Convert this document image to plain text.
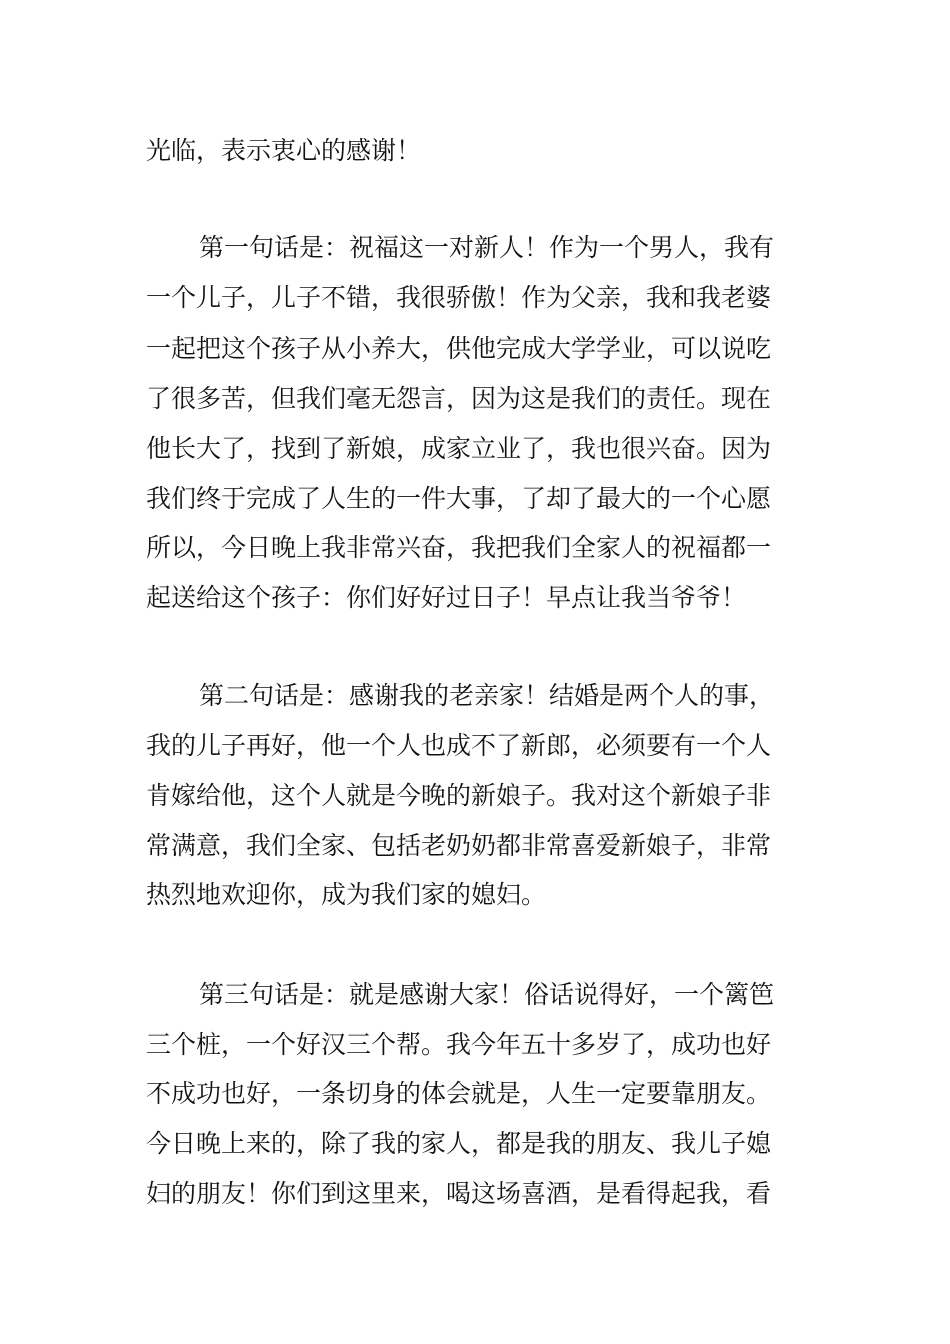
光临，表示衷心的感谢！

第一句话是：祝福这一对新人！作为一个男人，我有

一个儿子，儿子不错，我很骄傲！作为父亲，我和我老婆

一起把这个孩子从小养大，供他完成大学学业，可以说吃

了很多苦，但我们毫无怨言，因为这是我们的责任。现在

他长大了，找到了新娘，成家立业了，我也很兴奋。因为

我们终于完成了人生的一件大事，了却了最大的一个心愿

所以，今日晚上我非常兴奋，我把我们全家人的祝福都一

起送给这个孩子：你们好好过日子！早点让我当爷爷！

第二句话是：感谢我的老亲家！结婚是两个人的事，

我的儿子再好，他一个人也成不了新郎，必须要有一个人

肯嫁给他，这个人就是今晚的新娘子。我对这个新娘子非

常满意，我们全家、包括老奶奶都非常喜爱新娘子，非常

热烈地欢迎你，成为我们家的媳妇。

第三句话是：就是感谢大家！俗话说得好，一个篱笆

三个桩，一个好汉三个帮。我今年五十多岁了，成功也好

不成功也好，一条切身的体会就是，人生一定要靠朋友。

今日晚上来的，除了我的家人，都是我的朋友、我儿子媳

妇的朋友！你们到这里来，喝这场喜酒，是看得起我，看
